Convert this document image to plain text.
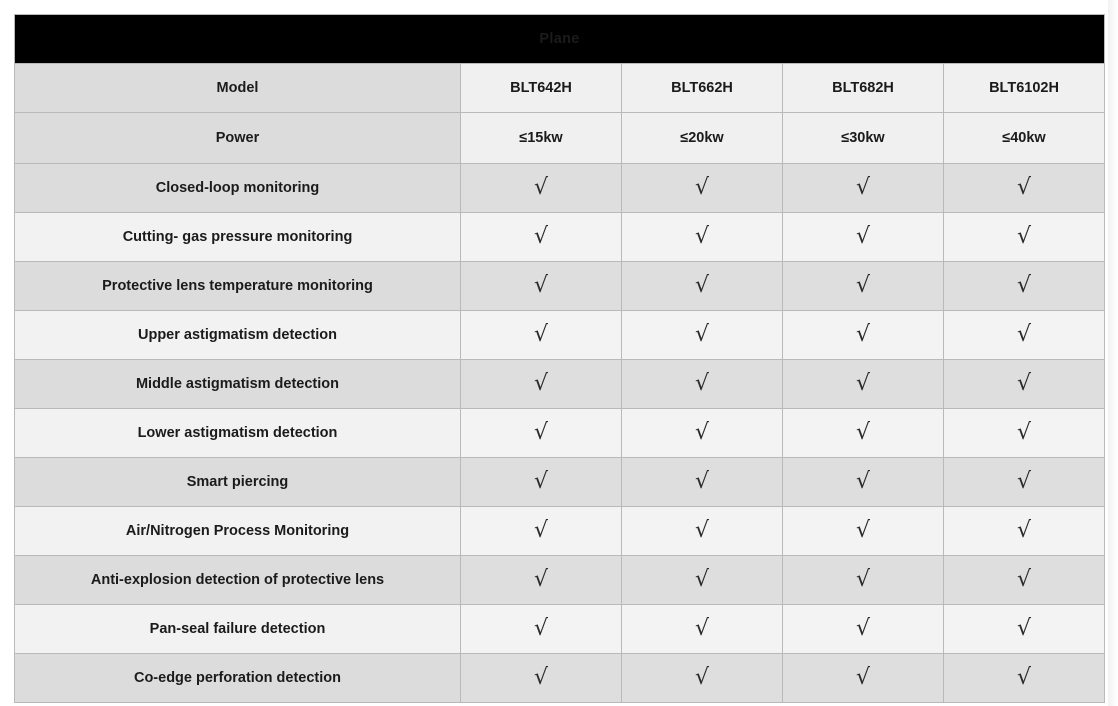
Plane				
Model	BLT642H	BLT662H	BLT682H	BLT6102H
Power	≤15kw	≤20kw	≤30kw	≤40kw
Closed-loop monitoring	√	√	√	√
Cutting- gas pressure monitoring	√	√	√	√
Protective lens temperature monitoring	√	√	√	√
Upper astigmatism detection	√	√	√	√
Middle astigmatism detection	√	√	√	√
Lower astigmatism detection	√	√	√	√
Smart piercing	√	√	√	√
Air/Nitrogen Process Monitoring	√	√	√	√
Anti-explosion detection of protective lens	√	√	√	√
Pan-seal failure detection	√	√	√	√
Co-edge perforation detection	√	√	√	√
